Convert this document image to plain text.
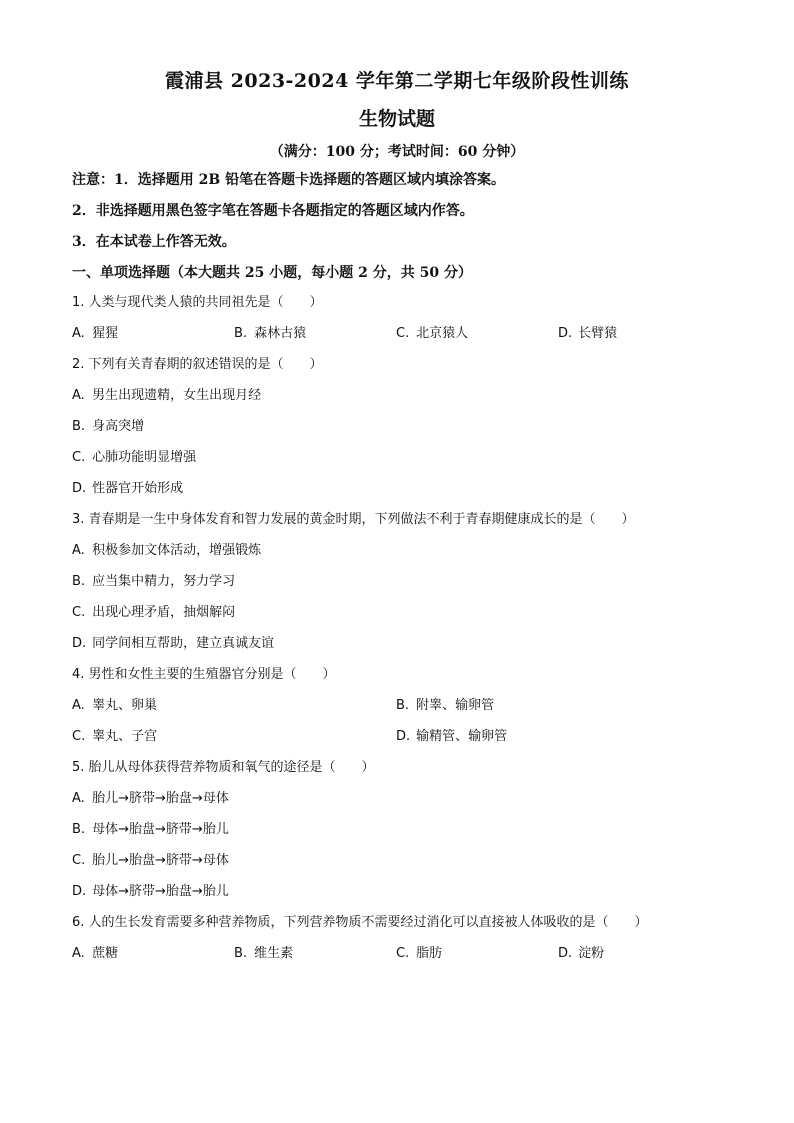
霞浦县 2023-2024 学年第二学期七年级阶段性训练
生物试题

（满分：100 分；考试时间：60 分钟）

注意：1．选择题用 2B 铅笔在答题卡选择题的答题区域内填涂答案。

2．非选择题用黑色签字笔在答题卡各题指定的答题区域内作答。

3．在本试卷上作答无效。

一、单项选择题（本大题共 25 小题，每小题 2 分，共 50 分）

1. 人类与现代类人猿的共同祖先是（　　）

A. 猩猩	B. 森林古猿	C. 北京猿人	D. 长臂猿

2. 下列有关青春期的叙述错误的是（　　）

A. 男生出现遗精，女生出现月经

B. 身高突增

C. 心肺功能明显增强

D. 性器官开始形成

3. 青春期是一生中身体发育和智力发展的黄金时期，下列做法不利于青春期健康成长的是（　　）

A. 积极参加文体活动，增强锻炼

B. 应当集中精力，努力学习

C. 出现心理矛盾，抽烟解闷

D. 同学间相互帮助，建立真诚友谊

4. 男性和女性主要的生殖器官分别是（　　）

A. 睾丸、卵巢	B. 附睾、输卵管
C. 睾丸、子宫	D. 输精管、输卵管

5. 胎儿从母体获得营养物质和氧气的途径是（　　）

A. 胎儿→脐带→胎盘→母体

B. 母体→胎盘→脐带→胎儿

C. 胎儿→胎盘→脐带→母体

D. 母体→脐带→胎盘→胎儿

6. 人的生长发育需要多种营养物质，下列营养物质不需要经过消化可以直接被人体吸收的是（　　）

A. 蔗糖	B. 维生素	C. 脂肪	D. 淀粉
